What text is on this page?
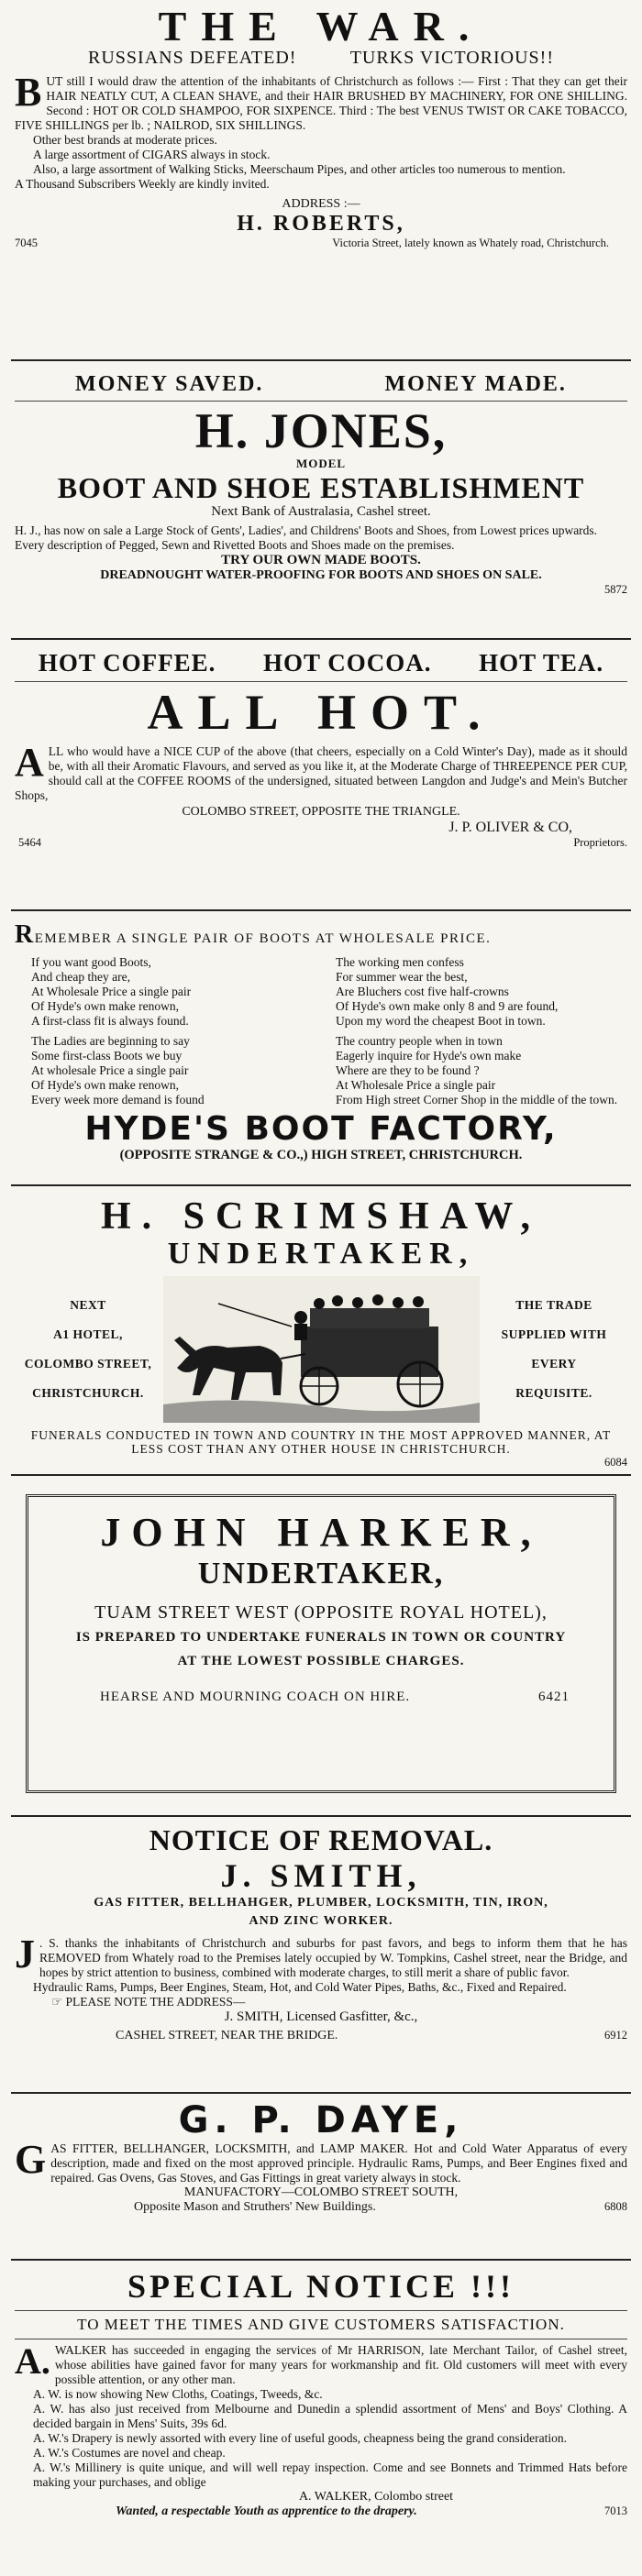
THE WAR.
RUSSIANS DEFEATED!	TURKS VICTORIOUS!!
B UT still I would draw the attention of the inhabitants of Christchurch as follows :— First : That they can get their HAIR NEATLY CUT, A CLEAN SHAVE, and their HAIR BRUSHED BY MACHINERY, FOR ONE SHILLING. Second : HOT OR COLD SHAMPOO, FOR SIXPENCE. Third : The best VENUS TWIST OR CAKE TOBACCO, FIVE SHILLINGS per lb. ; NAILROD, SIX SHILLINGS.
Other best brands at moderate prices.
A large assortment of CIGARS always in stock.
Also, a large assortment of Walking Sticks, Meerschaum Pipes, and other articles too numerous to mention.
A Thousand Subscribers Weekly are kindly invited.
ADDRESS :—
H. ROBERTS,
7045	Victoria Street, lately known as Whately road, Christchurch.
MONEY SAVED.	MONEY MADE.
H. JONES,
MODEL
BOOT AND SHOE ESTABLISHMENT
Next Bank of Australasia, Cashel street.
H. J., has now on sale a Large Stock of Gents', Ladies', and Childrens' Boots and Shoes, from Lowest prices upwards.
Every description of Pegged, Sewn and Rivetted Boots and Shoes made on the premises.
TRY OUR OWN MADE BOOTS.
DREADNOUGHT WATER-PROOFING FOR BOOTS AND SHOES ON SALE.
5872
HOT COFFEE. HOT COCOA. HOT TEA.
ALL HOT.
A LL who would have a NICE CUP of the above (that cheers, especially on a Cold Winter's Day), made as it should be, with all their Aromatic Flavours, and served as you like it, at the Moderate Charge of THREEPENCE PER CUP, should call at the COFFEE ROOMS of the undersigned, situated between Langdon and Judge's and Mein's Butcher Shops,
COLOMBO STREET, OPPOSITE THE TRIANGLE.
J. P. OLIVER & CO,
5464	Proprietors.
REMEMBER A SINGLE PAIR OF BOOTS AT WHOLESALE PRICE.

If you want good Boots,

And cheap they are,

At Wholesale Price a single pair

Of Hyde's own make renown,

A first-class fit is always found.

The Ladies are beginning to say

Some first-class Boots we buy

At wholesale Price a single pair

Of Hyde's own make renown,

Every week more demand is found

The working men confess

For summer wear the best,

Are Bluchers cost five half-crowns

Of Hyde's own make only 8 and 9 are found,

Upon my word the cheapest Boot in town.

The country people when in town

Eagerly inquire for Hyde's own make

Where are they to be found ?

At Wholesale Price a single pair

From High street Corner Shop in the middle of the town.

HYDE'S BOOT FACTORY,
(OPPOSITE STRANGE & CO.,) HIGH STREET, CHRISTCHURCH.
H. SCRIMSHAW,
UNDERTAKER,
NEXT
A1 HOTEL,
COLOMBO STREET,
CHRISTCHURCH.
THE TRADE
SUPPLIED WITH
EVERY
REQUISITE.
FUNERALS CONDUCTED IN TOWN AND COUNTRY IN THE MOST APPROVED MANNER, AT LESS COST THAN ANY OTHER HOUSE IN CHRISTCHURCH.
6084
JOHN HARKER,
UNDERTAKER,
TUAM STREET WEST (OPPOSITE ROYAL HOTEL),
IS PREPARED TO UNDERTAKE FUNERALS IN TOWN OR COUNTRY
AT THE LOWEST POSSIBLE CHARGES.
HEARSE AND MOURNING COACH ON HIRE.	6421
NOTICE OF REMOVAL.
J. SMITH,
GAS FITTER, BELLHAHGER, PLUMBER, LOCKSMITH, TIN, IRON,
AND ZINC WORKER.
J . S. thanks the inhabitants of Christchurch and suburbs for past favors, and begs to inform them that he has REMOVED from Whately road to the Premises lately occupied by W. Tompkins, Cashel street, near the Bridge, and hopes by strict attention to business, combined with moderate charges, to still merit a share of public favor.
Hydraulic Rams, Pumps, Beer Engines, Steam, Hot, and Cold Water Pipes, Baths, &c., Fixed and Repaired.
☞ PLEASE NOTE THE ADDRESS—
J. SMITH, Licensed Gasfitter, &c.,
CASHEL STREET, NEAR THE BRIDGE.	6912
G. P. DAYE,
G AS FITTER, BELLHANGER, LOCKSMITH, and LAMP MAKER. Hot and Cold Water Apparatus of every description, made and fixed on the most approved principle. Hydraulic Rams, Pumps, and Beer Engines fixed and repaired. Gas Ovens, Gas Stoves, and Gas Fittings in great variety always in stock.
MANUFACTORY—COLOMBO STREET SOUTH,
Opposite Mason and Struthers' New Buildings.	6808
SPECIAL NOTICE !!!
TO MEET THE TIMES AND GIVE CUSTOMERS SATISFACTION.
A. WALKER has succeeded in engaging the services of Mr HARRISON, late Merchant Tailor, of Cashel street, whose abilities have gained favor for many years for workmanship and fit. Old customers will meet with every possible attention, or any other man.
A. W. is now showing New Cloths, Coatings, Tweeds, &c.
A. W. has also just received from Melbourne and Dunedin a splendid assortment of Mens' and Boys' Clothing. A decided bargain in Mens' Suits, 39s 6d.
A. W.'s Drapery is newly assorted with every line of useful goods, cheapness being the grand consideration.
A. W.'s Costumes are novel and cheap.
A. W.'s Millinery is quite unique, and will well repay inspection. Come and see Bonnets and Trimmed Hats before making your purchases, and oblige
A. WALKER, Colombo street
Wanted, a respectable Youth as apprentice to the drapery.	7013
